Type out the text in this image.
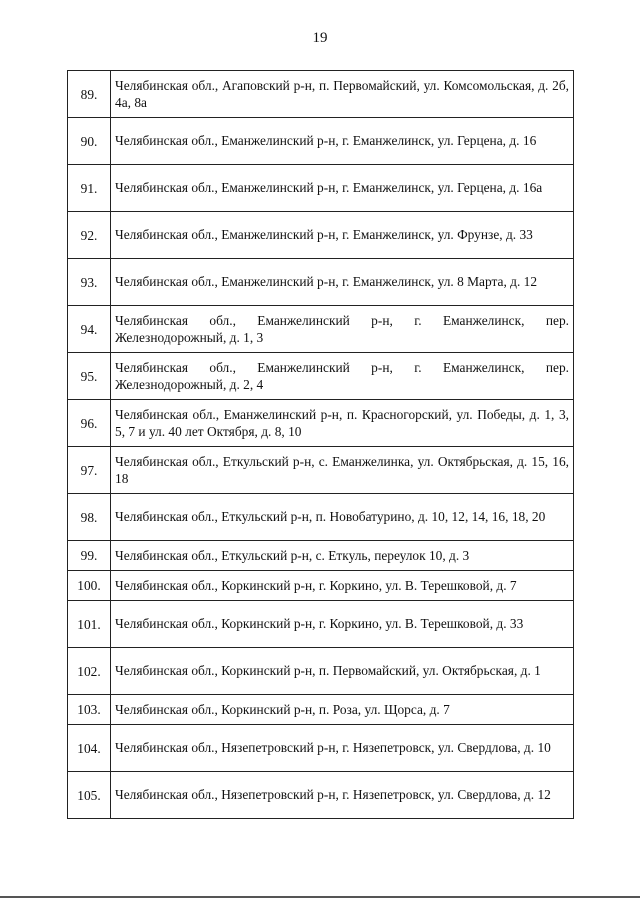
19
89.	Челябинская обл., Агаповский р-н, п. Первомайский, ул. Комсомольская, д. 2б, 4а, 8а
90.	Челябинская обл., Еманжелинский р-н, г. Еманжелинск, ул. Герцена, д. 16
91.	Челябинская обл., Еманжелинский р-н, г. Еманжелинск, ул. Герцена, д. 16а
92.	Челябинская обл., Еманжелинский р-н, г. Еманжелинск, ул. Фрунзе, д. 33
93.	Челябинская обл., Еманжелинский р-н, г. Еманжелинск, ул. 8 Марта, д. 12
94.	Челябинская обл., Еманжелинский р-н, г. Еманжелинск, пер. Железнодорожный, д. 1, 3
95.	Челябинская обл., Еманжелинский р-н, г. Еманжелинск, пер. Железнодорожный, д. 2, 4
96.	Челябинская обл., Еманжелинский р-н, п. Красногорский, ул. Победы, д. 1, 3, 5, 7 и ул. 40 лет Октября, д. 8, 10
97.	Челябинская обл., Еткульский р-н, с. Еманжелинка, ул. Октябрьская, д. 15, 16, 18
98.	Челябинская обл., Еткульский р-н, п. Новобатурино, д. 10, 12, 14, 16, 18, 20
99.	Челябинская обл., Еткульский р-н, с. Еткуль, переулок 10, д. 3
100.	Челябинская обл., Коркинский р-н, г. Коркино, ул. В. Терешковой, д. 7
101.	Челябинская обл., Коркинский р-н, г. Коркино, ул. В. Терешковой, д. 33
102.	Челябинская обл., Коркинский р-н, п. Первомайский, ул. Октябрьская, д. 1
103.	Челябинская обл., Коркинский р-н, п. Роза, ул. Щорса, д. 7
104.	Челябинская обл., Нязепетровский р-н, г. Нязепетровск, ул. Свердлова, д. 10
105.	Челябинская обл., Нязепетровский р-н, г. Нязепетровск, ул. Свердлова, д. 12
